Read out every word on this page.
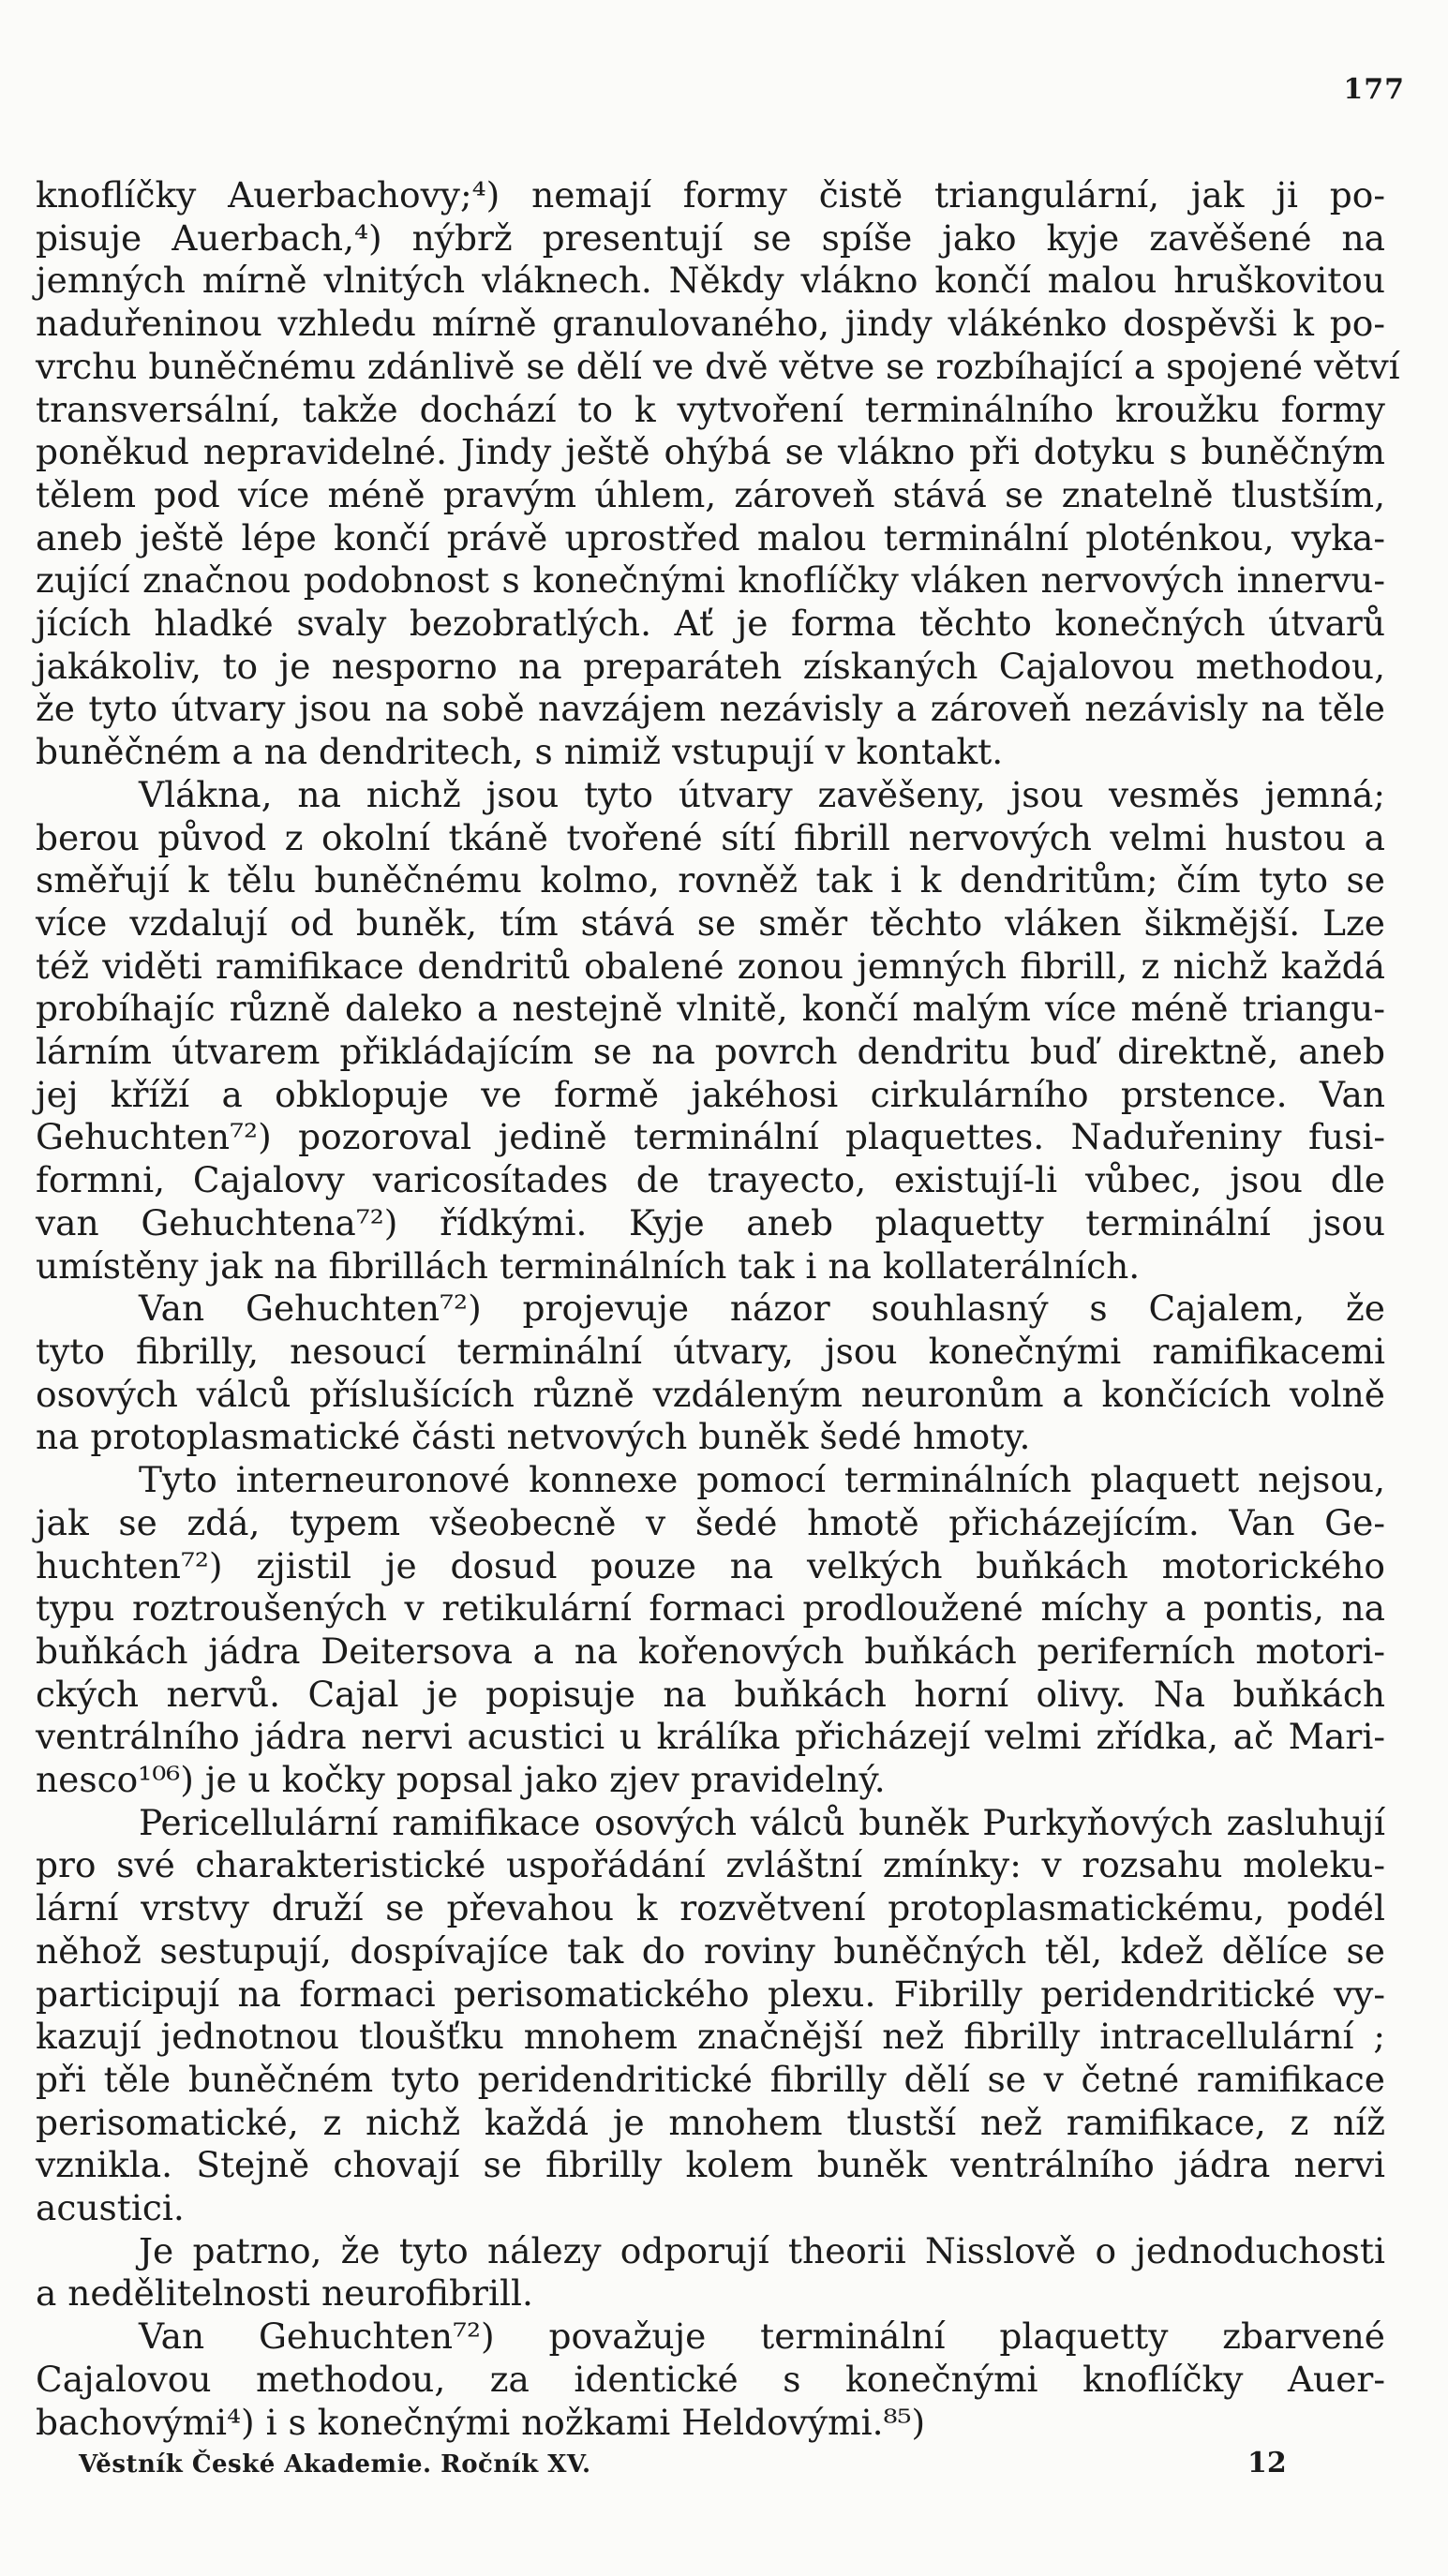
177
knoflíčky Auerbachovy;⁴) nemají formy čistě triangulární, jak ji po-
pisuje Auerbach,⁴) nýbrž presentují se spíše jako kyje zavěšené na
jemných mírně vlnitých vláknech. Někdy vlákno končí malou hruškovitou
naduřeninou vzhledu mírně granulovaného, jindy vlákénko dospěvši k po-
vrchu buněčnému zdánlivě se dělí ve dvě větve se rozbíhající a spojené větví
transversální, takže dochází to k vytvoření terminálního kroužku formy
poněkud nepravidelné. Jindy ještě ohýbá se vlákno při dotyku s buněčným
tělem pod více méně pravým úhlem, zároveň stává se znatelně tlustším,
aneb ještě lépe končí právě uprostřed malou terminální ploténkou, vyka-
zující značnou podobnost s konečnými knoflíčky vláken nervových innervu-
jících hladké svaly bezobratlých. Ať je forma těchto konečných útvarů
jakákoliv, to je nesporno na preparáteh získaných Cajalovou methodou,
že tyto útvary jsou na sobě navzájem nezávisly a zároveň nezávisly na těle
buněčném a na dendritech, s nimiž vstupují v kontakt.
Vlákna, na nichž jsou tyto útvary zavěšeny, jsou vesměs jemná;
berou původ z okolní tkáně tvořené sítí fibrill nervových velmi hustou a
směřují k tělu buněčnému kolmo, rovněž tak i k dendritům; čím tyto se
více vzdalují od buněk, tím stává se směr těchto vláken šikmější. Lze
též viděti ramifikace dendritů obalené zonou jemných fibrill, z nichž každá
probíhajíc různě daleko a nestejně vlnitě, končí malým více méně triangu-
lárním útvarem přikládajícím se na povrch dendritu buď direktně, aneb
jej kříží a obklopuje ve formě jakéhosi cirkulárního prstence. Van
Gehuchten⁷²) pozoroval jedině terminální plaquettes. Naduřeniny fusi-
formni, Cajalovy varicosítades de trayecto, existují-li vůbec, jsou dle
van Gehuchtena⁷²) řídkými. Kyje aneb plaquetty terminální jsou
umístěny jak na fibrillách terminálních tak i na kollaterálních.
Van Gehuchten⁷²) projevuje názor souhlasný s Cajalem, že
tyto fibrilly, nesoucí terminální útvary, jsou konečnými ramifikacemi
osových válců příslušících různě vzdáleným neuronům a končících volně
na protoplasmatické části netvových buněk šedé hmoty.
Tyto interneuronové konnexe pomocí terminálních plaquett nejsou,
jak se zdá, typem všeobecně v šedé hmotě přicházejícím. Van Ge-
huchten⁷²) zjistil je dosud pouze na velkých buňkách motorického
typu roztroušených v retikulární formaci prodloužené míchy a pontis, na
buňkách jádra Deitersova a na kořenových buňkách periferních motori-
ckých nervů. Cajal je popisuje na buňkách horní olivy. Na buňkách
ventrálního jádra nervi acustici u králíka přicházejí velmi zřídka, ač Mari-
nesco¹⁰⁶) je u kočky popsal jako zjev pravidelný.
Pericellulární ramifikace osových válců buněk Purkyňových zasluhují
pro své charakteristické uspořádání zvláštní zmínky: v rozsahu moleku-
lární vrstvy druží se převahou k rozvětvení protoplasmatickému, podél
něhož sestupují, dospívajíce tak do roviny buněčných těl, kdež dělíce se
participují na formaci perisomatického plexu. Fibrilly peridendritické vy-
kazují jednotnou tloušťku mnohem značnější než fibrilly intracellulární ;
při těle buněčném tyto peridendritické fibrilly dělí se v četné ramifikace
perisomatické, z nichž každá je mnohem tlustší než ramifikace, z níž
vznikla. Stejně chovají se fibrilly kolem buněk ventrálního jádra nervi
acustici.
Je patrno, že tyto nálezy odporují theorii Nisslově o jednoduchosti
a nedělitelnosti neurofibrill.
Van Gehuchten⁷²) považuje terminální plaquetty zbarvené
Cajalovou methodou, za identické s konečnými knoflíčky Auer-
bachovými⁴) i s konečnými nožkami Heldovými.⁸⁵)
Věstník České Akademie. Ročník XV.	12
